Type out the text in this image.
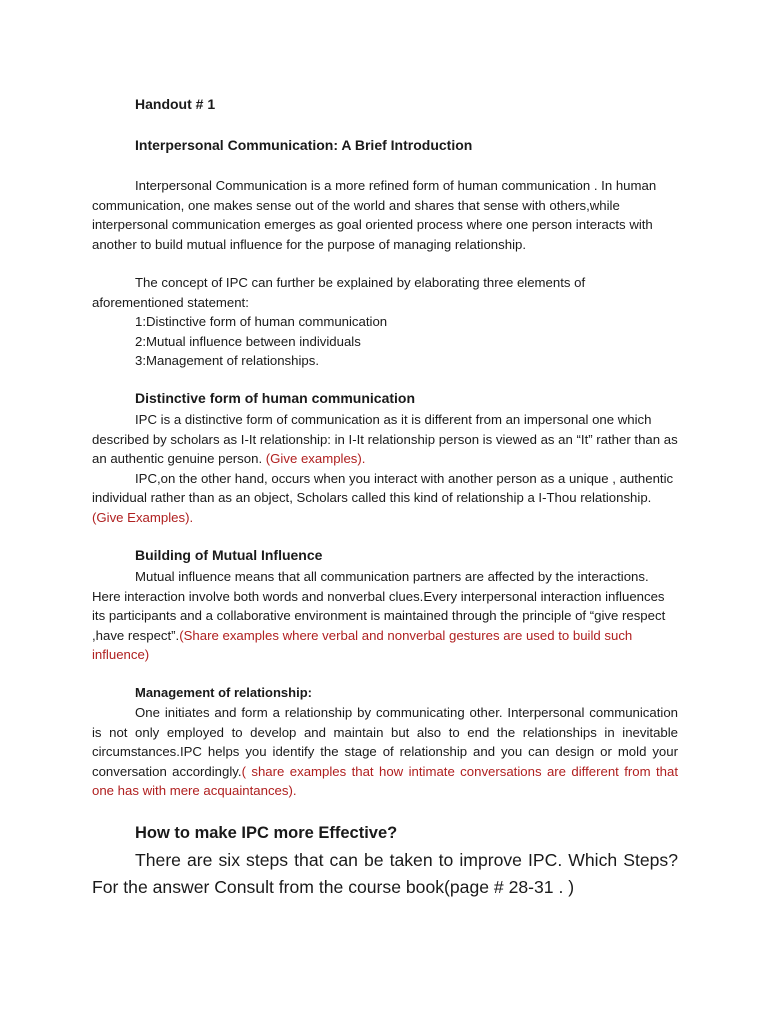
Handout # 1

Interpersonal Communication: A Brief Introduction

Interpersonal Communication is a more refined form of human communication . In human communication, one makes sense out of the world and shares that sense with others,while interpersonal communication emerges as goal oriented process where one person interacts with another to build mutual influence for the purpose of managing relationship.

The concept of IPC can further be explained by elaborating three elements of aforementioned statement:

1:Distinctive form of human communication
2:Mutual influence between individuals
3:Management of relationships.

Distinctive form of human communication

IPC is a distinctive form of communication as it is different from an impersonal one which described by scholars as I-It relationship: in I-It relationship person is viewed as an “It” rather than as an authentic genuine person. (Give examples).

IPC,on the other hand, occurs when you interact with another person as a unique , authentic individual rather than as an object, Scholars called this kind of relationship a I-Thou relationship.(Give Examples).

Building of Mutual Influence

Mutual influence means that all communication partners are affected by the interactions. Here interaction involve both words and nonverbal clues.Every interpersonal interaction influences its participants and a collaborative environment is maintained through the principle of “give respect ,have respect”.(Share examples where verbal and nonverbal gestures are used to build such influence)

Management of relationship:

One initiates and form a relationship by communicating other. Interpersonal communication is not only employed to develop and maintain but also to end the relationships in inevitable circumstances.IPC helps you identify the stage of relationship and you can design or mold your conversation accordingly.( share examples that how intimate conversations are different from that one has with mere acquaintances).

How to make IPC more Effective?

There are six steps that can be taken to improve IPC. Which Steps? For the answer Consult from the course book(page # 28-31 . )
